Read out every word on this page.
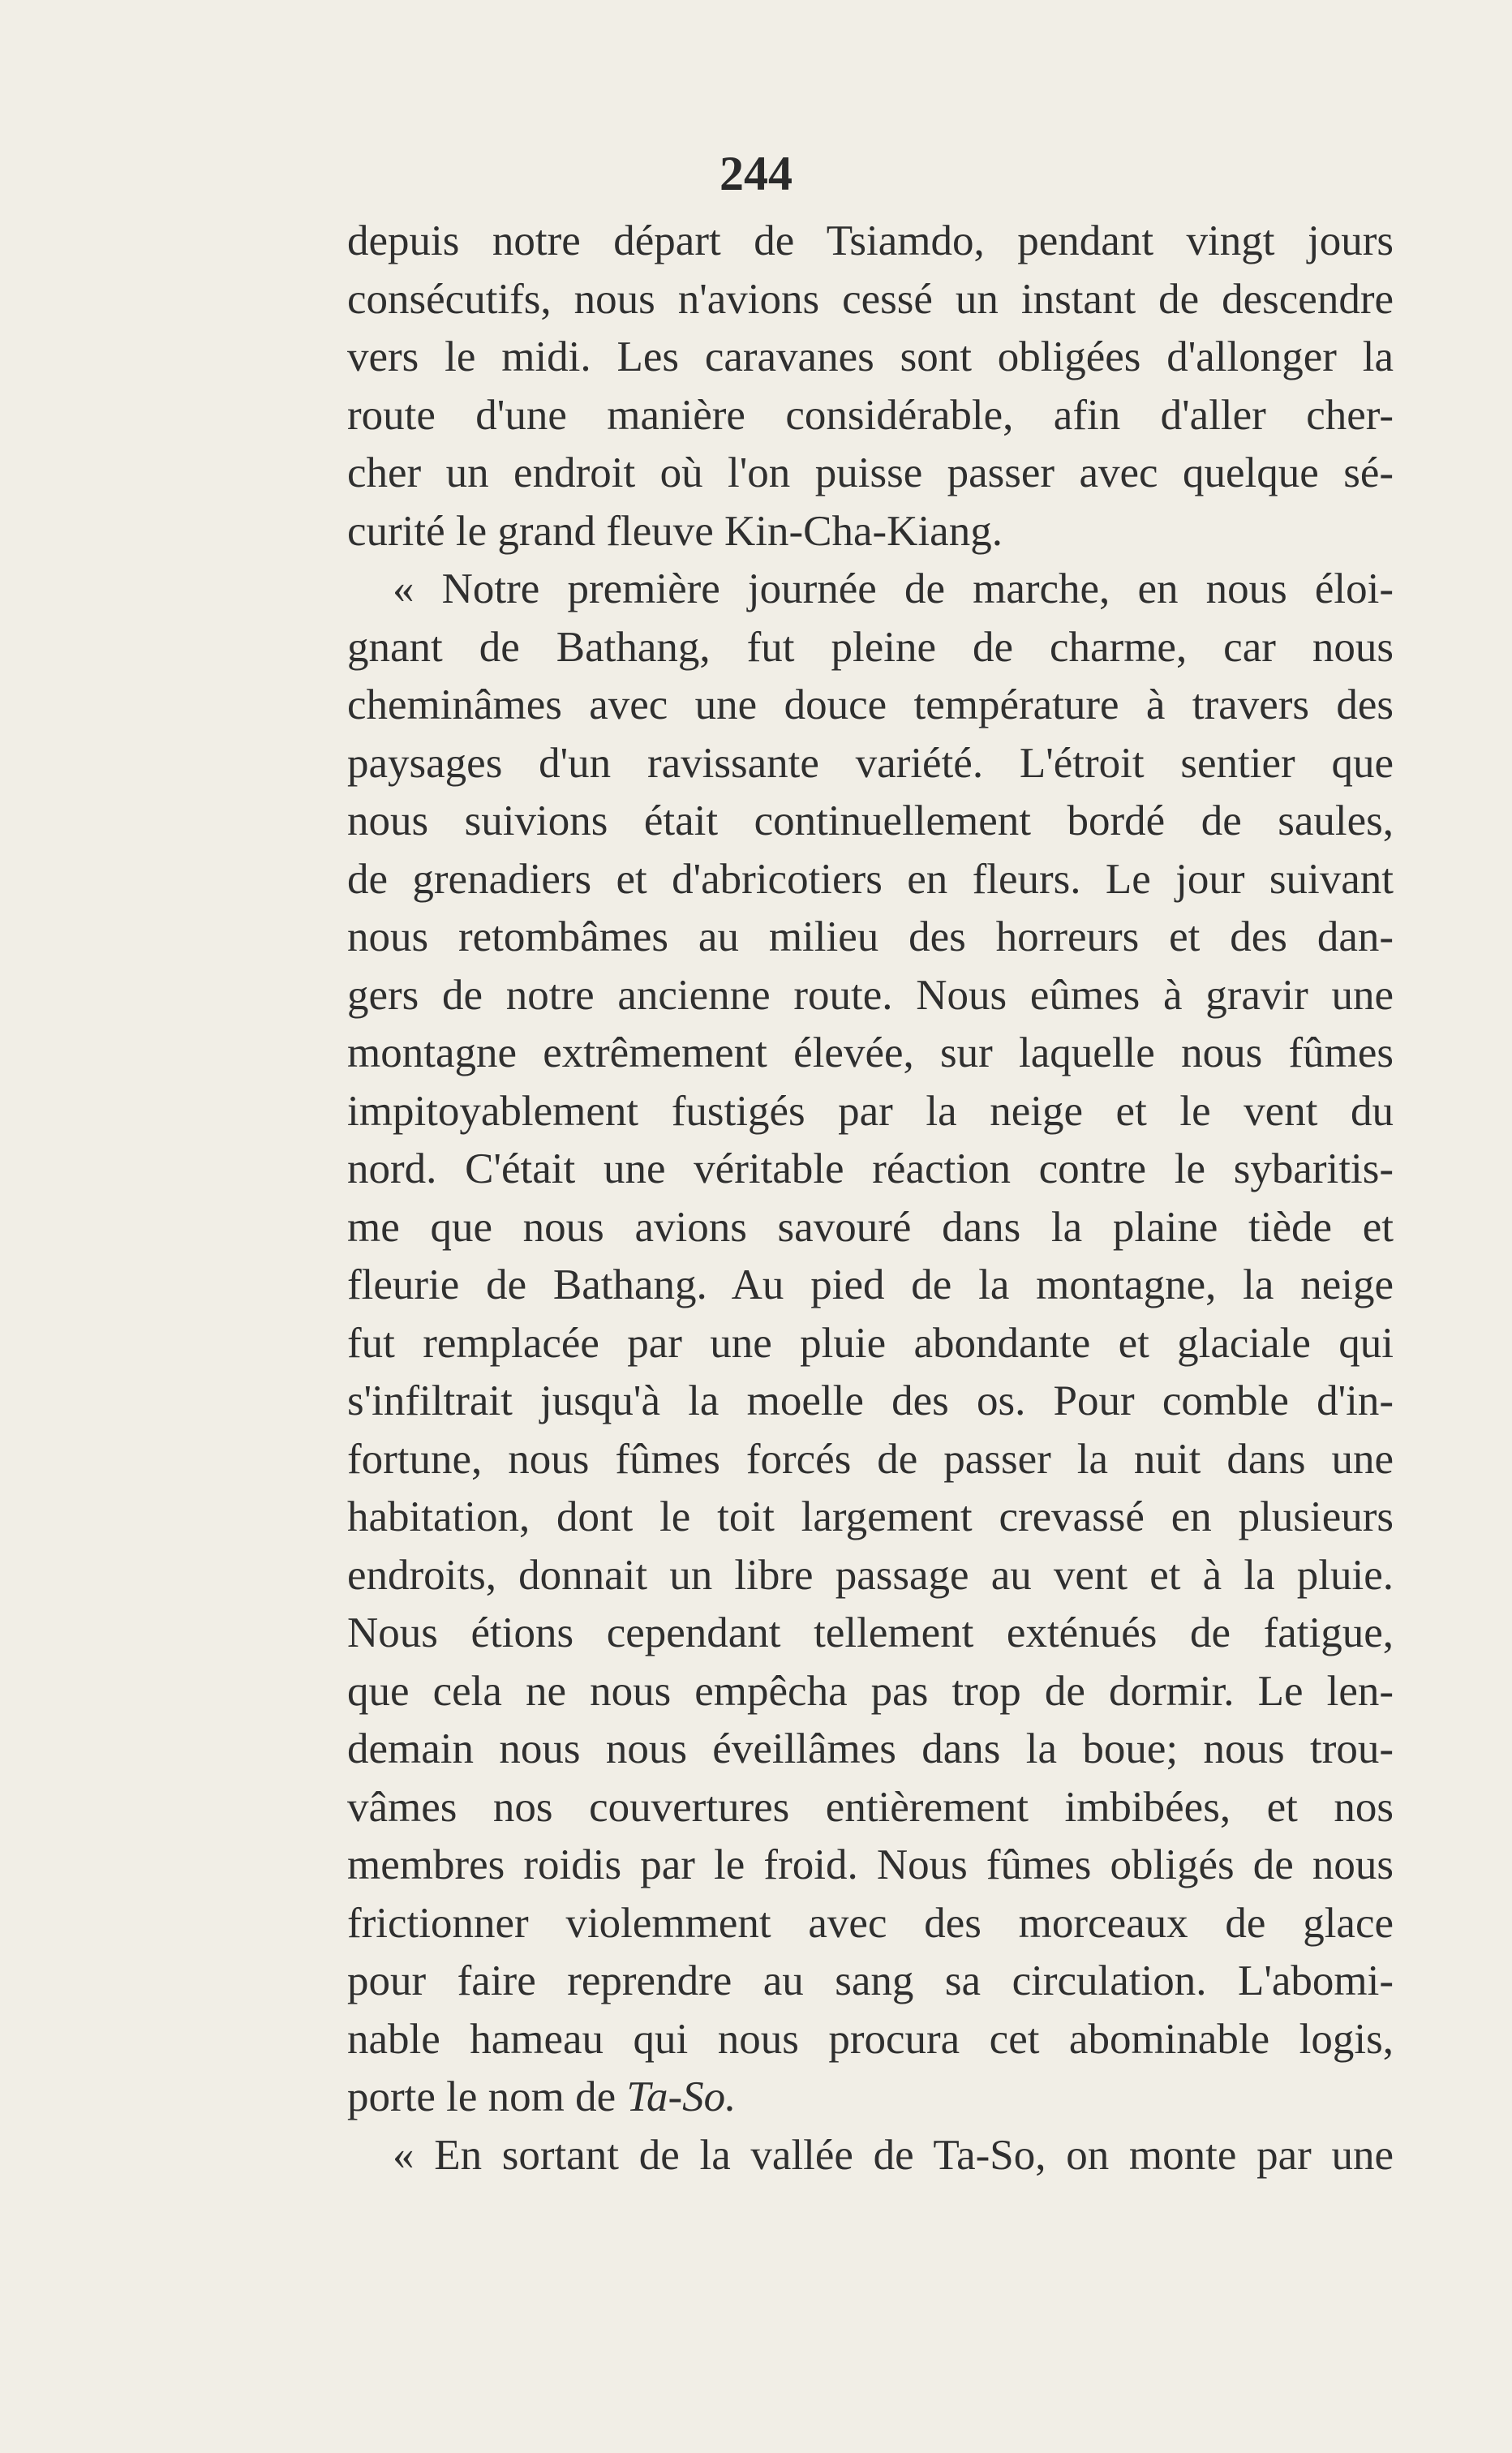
244
depuis notre départ de Tsiamdo, pendant vingt jours
consécutifs, nous n'avions cessé un instant de descendre
vers le midi. Les caravanes sont obligées d'allonger la
route d'une manière considérable, afin d'aller cher-
cher un endroit où l'on puisse passer avec quelque sé-
curité le grand fleuve Kin-Cha-Kiang.
« Notre première journée de marche, en nous éloi-
gnant de Bathang, fut pleine de charme, car nous
cheminâmes avec une douce température à travers des
paysages d'un ravissante variété. L'étroit sentier que
nous suivions était continuellement bordé de saules,
de grenadiers et d'abricotiers en fleurs. Le jour suivant
nous retombâmes au milieu des horreurs et des dan-
gers de notre ancienne route. Nous eûmes à gravir une
montagne extrêmement élevée, sur laquelle nous fûmes
impitoyablement fustigés par la neige et le vent du
nord. C'était une véritable réaction contre le sybaritis-
me que nous avions savouré dans la plaine tiède et
fleurie de Bathang. Au pied de la montagne, la neige
fut remplacée par une pluie abondante et glaciale qui
s'infiltrait jusqu'à la moelle des os. Pour comble d'in-
fortune, nous fûmes forcés de passer la nuit dans une
habitation, dont le toit largement crevassé en plusieurs
endroits, donnait un libre passage au vent et à la pluie.
Nous étions cependant tellement exténués de fatigue,
que cela ne nous empêcha pas trop de dormir. Le len-
demain nous nous éveillâmes dans la boue; nous trou-
vâmes nos couvertures entièrement imbibées, et nos
membres roidis par le froid. Nous fûmes obligés de nous
frictionner violemment avec des morceaux de glace
pour faire reprendre au sang sa circulation. L'abomi-
nable hameau qui nous procura cet abominable logis,
porte le nom de Ta-So.
« En sortant de la vallée de Ta-So, on monte par une
